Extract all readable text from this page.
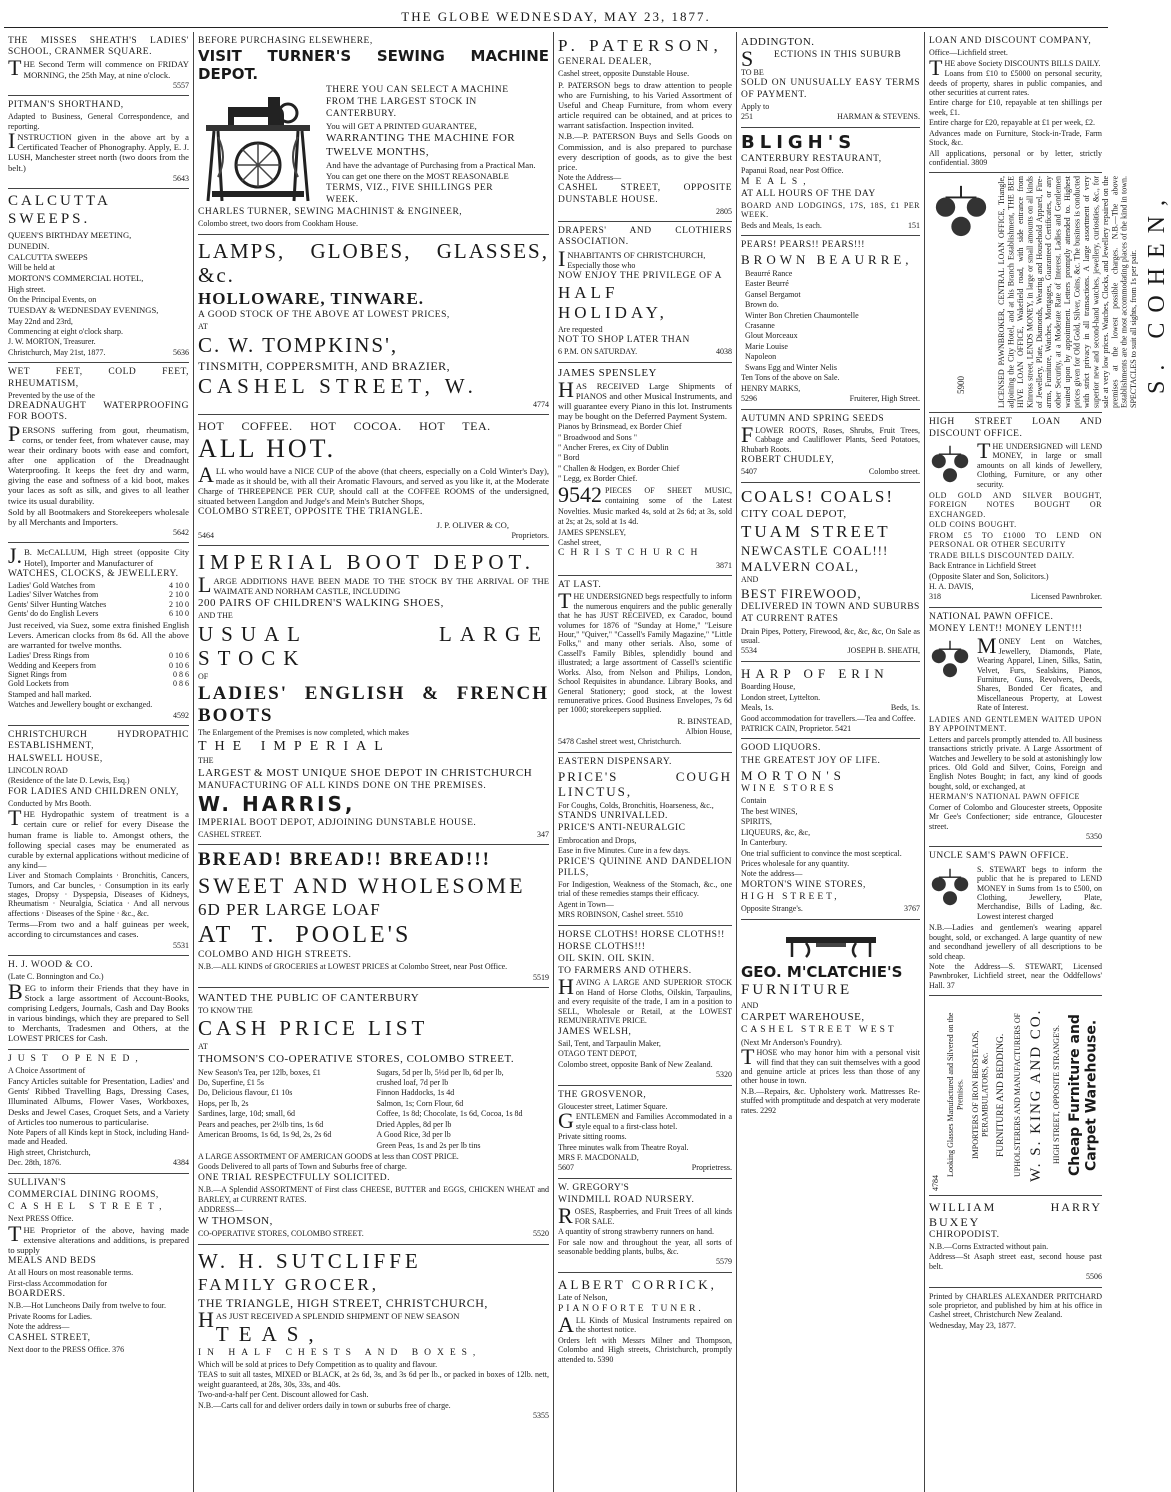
THE GLOBE WEDNESDAY, MAY 23, 1877.

THE MISSES SHEATH'S LADIES' SCHOOL, CRANMER SQUARE.

THE Second Term will commence on FRIDAY MORNING, the 25th May, at nine o'clock.

5557

PITMAN'S SHORTHAND,

Adapted to Business, General Correspondence, and reporting.

INSTRUCTION given in the above art by a Certificated Teacher of Phonography. Apply, E. J. LUSH, Manchester street north (two doors from the belt.)

5643

CALCUTTA SWEEPS.

QUEEN'S BIRTHDAY MEETING,

DUNEDIN.

CALCUTTA SWEEPS

Will be held at

MORTON'S COMMERCIAL HOTEL,

High street.

On the Principal Events, on

TUESDAY & WEDNESDAY EVENINGS,

May 22nd and 23rd,

Commencing at eight o'clock sharp.

J. W. MORTON, Treasurer.

Christchurch, May 21st, 1877.	5636

WET FEET, COLD FEET, RHEUMATISM,

Prevented by the use of the

DREADNAUGHT WATERPROOFING FOR BOOTS.

PERSONS suffering from gout, rheumatism, corns, or tender feet, from whatever cause, may wear their ordinary boots with ease and comfort, after one application of the Dreadnaught Waterproofing. It keeps the feet dry and warm, giving the ease and softness of a kid boot, makes your laces as soft as silk, and gives to all leather twice its usual durability.

Sold by all Bootmakers and Storekeepers wholesale by all Merchants and Importers.

5642

J. B. McCALLUM, High street (opposite City Hotel), Importer and Manufacturer of

WATCHES, CLOCKS, & JEWELLERY.

Ladies' Gold Watches from	4 10 0
Ladies' Silver Watches from	2 10 0
Gents' Silver Hunting Watches	2 10 0
Gents' do do English Levers	6 10 0

Just received, via Suez, some extra finished English Levers. American clocks from 8s 6d. All the above are warranted for twelve months.

Ladies' Dress Rings from	0 10 6
Wedding and Keepers from	0 10 6
Signet Rings from	0 8 6
Gold Lockets from	0 8 6

Stamped and hall marked.

Watches and Jewellery bought or exchanged.

4592

CHRISTCHURCH HYDROPATHIC ESTABLISHMENT,

HALSWELL HOUSE,

LINCOLN ROAD

(Residence of the late D. Lewis, Esq.)

FOR LADIES AND CHILDREN ONLY,

Conducted by Mrs Booth.

THE Hydropathic system of treatment is a certain cure or relief for every Disease the human frame is liable to. Amongst others, the following special cases may be enumerated as curable by external applications without medicine of any kind—

Liver and Stomach Complaints · Bronchitis, Cancers, Tumors, and Car buncles, · Consumption in its early stages, Dropsy · Dyspepsia, Diseases of Kidneys, Rheumatism · Neuralgia, Sciatica · And all nervous affections · Diseases of the Spine · &c., &c.

Terms—From two and a half guineas per week, according to circumstances and cases.

5531

H. J. WOOD & CO.

(Late C. Bonnington and Co.)

BEG to inform their Friends that they have in Stock a large assortment of Account-Books, comprising Ledgers, Journals, Cash and Day Books in various bindings, which they are prepared to Sell to Merchants, Tradesmen and Others, at the LOWEST PRICES for Cash.

JUST OPENED,

A Choice Assortment of

Fancy Articles suitable for Presentation, Ladies' and Gents' Ribbed Travelling Bags, Dressing Cases, Illuminated Albums, Flower Vases, Workboxes, Desks and Jewel Cases, Croquet Sets, and a Variety of Articles too numerous to particularise.

Note Papers of all Kinds kept in Stock, including Hand-made and Headed.

High street, Christchurch,

Dec. 28th, 1876.	4384

SULLIVAN'S

COMMERCIAL DINING ROOMS,

CASHEL STREET,

Next PRESS Office.

THE Proprietor of the above, having made extensive alterations and additions, is prepared to supply

MEALS AND BEDS

At all Hours on most reasonable terms.

First-class Accommodation for

BOARDERS.

N.B.—Hot Luncheons Daily from twelve to four.

Private Rooms for Ladies.

Note the address—

CASHEL STREET,

Next door to the PRESS Office. 376

BEFORE PURCHASING ELSEWHERE,

VISIT TURNER'S SEWING MACHINE DEPOT.

THERE YOU CAN SELECT A MACHINE

FROM THE LARGEST STOCK IN

CANTERBURY.

You will GET A PRINTED GUARANTEE,

WARRANTING THE MACHINE FOR

TWELVE MONTHS,

And have the advantage of Purchasing from a Practical Man.

You can get one there on the MOST REASONABLE

TERMS, VIZ., FIVE SHILLINGS PER

WEEK.

CHARLES TURNER, SEWING MACHINIST & ENGINEER,

Colombo street, two doors from Cookham House.

LAMPS, GLOBES, GLASSES, &c.

HOLLOWARE, TINWARE.

A GOOD STOCK OF THE ABOVE AT LOWEST PRICES,

AT

C. W. TOMPKINS',

TINSMITH, COPPERSMITH, AND BRAZIER,

CASHEL STREET, W.

4774

HOT COFFEE. HOT COCOA. HOT TEA.

ALL HOT.

ALL who would have a NICE CUP of the above (that cheers, especially on a Cold Winter's Day), made as it should be, with all their Aromatic Flavours, and served as you like it, at the Moderate Charge of THREEPENCE PER CUP, should call at the COFFEE ROOMS of the undersigned, situated between Langdon and Judge's and Mein's Butcher Shops,

COLOMBO STREET, OPPOSITE THE TRIANGLE.

J. P. OLIVER & CO,

5464	Proprietors.

IMPERIAL BOOT DEPOT.

LARGE ADDITIONS HAVE BEEN MADE TO THE STOCK BY THE ARRIVAL OF THE WAIMATE AND NORHAM CASTLE, INCLUDING

200 PAIRS OF CHILDREN'S WALKING SHOES,

AND THE

USUAL LARGE STOCK

OF

LADIES' ENGLISH & FRENCH BOOTS

The Enlargement of the Premises is now completed, which makes

THE IMPERIAL

THE

LARGEST & MOST UNIQUE SHOE DEPOT IN CHRISTCHURCH

MANUFACTURING OF ALL KINDS DONE ON THE PREMISES.

W. HARRIS,

IMPERIAL BOOT DEPOT, ADJOINING DUNSTABLE HOUSE.

CASHEL STREET.	347

BREAD! BREAD!! BREAD!!!

SWEET AND WHOLESOME

6D PER LARGE LOAF

AT T. POOLE'S

COLOMBO AND HIGH STREETS.

N.B.—ALL KINDS of GROCERIES at LOWEST PRICES at Colombo Street, near Post Office.

5519

WANTED THE PUBLIC OF CANTERBURY

TO KNOW THE

CASH PRICE LIST

AT

THOMSON'S CO-OPERATIVE STORES, COLOMBO STREET.

New Season's Tea, per 12lb, boxes, £1

Do, Superfine, £1 5s

Do, Delicious flavour, £1 10s

Hops, per lb, 2s

Sardines, large, 10d; small, 6d

Pears and peaches, per 2½lb tins, 1s 6d

American Brooms, 1s 6d, 1s 9d, 2s, 2s 6d

Sugars, 5d per lb, 5½d per lb, 6d per lb,

crushed loaf, 7d per lb

Finnon Haddocks, 1s 4d

Salmon, 1s; Corn Flour, 6d

Coffee, 1s 8d; Chocolate, 1s 6d, Cocoa, 1s 8d

Dried Apples, 8d per lb

A Good Rice, 3d per lb

Green Peas, 1s and 2s per lb tins

A LARGE ASSORTMENT OF AMERICAN GOODS at less than COST PRICE.

Goods Delivered to all parts of Town and Suburbs free of charge.

ONE TRIAL RESPECTFULLY SOLICITED.

N.B.—A Splendid ASSORTMENT of First class CHEESE, BUTTER and EGGS, CHICKEN WHEAT and BARLEY, at CURRENT RATES.

ADDRESS—

W THOMSON,

CO-OPERATIVE STORES, COLOMBO STREET.	5520

W. H. SUTCLIFFE

FAMILY GROCER,

THE TRIANGLE, HIGH STREET, CHRISTCHURCH,

HAS JUST RECEIVED A SPLENDID SHIPMENT OF NEW SEASON

TEAS,

IN HALF CHESTS AND BOXES,

Which will be sold at prices to Defy Competition as to quality and flavour.

TEAS to suit all tastes, MIXED or BLACK, at 2s 6d, 3s, and 3s 6d per lb., or packed in boxes of 12lb. nett, weight guaranteed, at 28s, 30s, 33s, and 40s.

Two-and-a-half per Cent. Discount allowed for Cash.

N.B.—Carts call for and deliver orders daily in town or suburbs free of charge.

5355

P. PATERSON,

GENERAL DEALER,

Cashel street, opposite Dunstable House.

P. PATERSON begs to draw attention to people who are Furnishing, to his Varied Assortment of Useful and Cheap Furniture, from whom every article required can be obtained, and at prices to warrant satisfaction. Inspection invited.

N.B.—P. PATERSON Buys and Sells Goods on Commission, and is also prepared to purchase every description of goods, as to give the best price.

Note the Address—

CASHEL STREET, OPPOSITE DUNSTABLE HOUSE.

2805

DRAPERS' AND CLOTHIERS ASSOCIATION.

INHABITANTS OF CHRISTCHURCH,

Especially those who

NOW ENJOY THE PRIVILEGE OF A

HALF HOLIDAY,

Are requested

NOT TO SHOP LATER THAN

6 P.M. ON SATURDAY.	4038

JAMES SPENSLEY

HAS RECEIVED Large Shipments of PIANOS and other Musical Instruments, and will guarantee every Piano in this lot. Instruments may be bought on the Deferred Payment System.

Pianos by Brinsmead, ex Border Chief

" Broadwood and Sons "

" Ancher Freres, ex City of Dublin

" Bord

" Challen & Hodgen, ex Border Chief

" Legg, ex Border Chief.

9542 PIECES OF SHEET MUSIC, containing some of the Latest Novelties. Music marked 4s, sold at 2s 6d; at 3s, sold at 2s; at 2s, sold at 1s 4d.

JAMES SPENSLEY,

Cashel street,

CHRISTCHURCH

3871

AT LAST.

THE UNDERSIGNED begs respectfully to inform the numerous enquirers and the public generally that he has JUST RECEIVED, ex Caradoc, bound volumes for 1876 of "Sunday at Home," "Leisure Hour," "Quiver," "Cassell's Family Magazine," "Little Folks," and many other serials. Also, some of Cassell's Family Bibles, splendidly bound and illustrated; a large assortment of Cassell's scientific Works. Also, from Nelson and Philips, London, School Requisites in abundance. Library Books, and General Stationery; good stock, at the lowest remunerative prices. Good Business Envelopes, 7s 6d per 1000; storekeepers supplied.

R. BINSTEAD,

Albion House,

5478 Cashel street west, Christchurch.

EASTERN DISPENSARY.

PRICE'S COUGH LINCTUS,

For Coughs, Colds, Bronchitis, Hoarseness, &c.,

STANDS UNRIVALLED.

PRICE'S ANTI-NEURALGIC

Embrocation and Drops,

Ease in five Minutes. Cure in a few days.

PRICE'S QUININE AND DANDELION PILLS,

For Indigestion, Weakness of the Stomach, &c., one trial of these remedies stamps their efficacy.

Agent in Town—

MRS ROBINSON, Cashel street. 5510

HORSE CLOTHS! HORSE CLOTHS!!

HORSE CLOTHS!!!

OIL SKIN. OIL SKIN.

TO FARMERS AND OTHERS.

HAVING A LARGE AND SUPERIOR STOCK on Hand of Horse Cloths, Oilskin, Tarpaulins, and every requisite of the trade, I am in a position to SELL, Wholesale or Retail, at the LOWEST REMUNERATIVE PRICE.

JAMES WELSH,

Sail, Tent, and Tarpaulin Maker,

OTAGO TENT DEPOT,

Colombo street, opposite Bank of New Zealand.

5320

THE GROSVENOR,

Gloucester street, Latimer Square.

GENTLEMEN and Families Accommodated in a style equal to a first-class hotel.

Private sitting rooms.

Three minutes walk from Theatre Royal.

MRS F. MACDONALD,

5607	Proprietress.

W. GREGORY'S

WINDMILL ROAD NURSERY.

ROSES, Raspberries, and Fruit Trees of all kinds FOR SALE.

A quantity of strong strawberry runners on hand.

For sale now and throughout the year, all sorts of seasonable bedding plants, bulbs, &c.

5579

ALBERT CORRICK,

Late of Nelson,

PIANOFORTE TUNER.

ALL Kinds of Musical Instruments repaired on the shortest notice.

Orders left with Messrs Milner and Thompson, Colombo and High streets, Christchurch, promptly attended to. 5390

ADDINGTON.

S	ECTIONS IN THIS SUBURB

TO BE

SOLD ON UNUSUALLY EASY TERMS OF PAYMENT.

Apply to

251	HARMAN & STEVENS.

BLIGH'S

CANTERBURY RESTAURANT,

Papanui Road, near Post Office.

MEALS,

AT ALL HOURS OF THE DAY

BOARD AND LODGINGS, 17S, 18S, £1 PER WEEK.

Beds and Meals, 1s each.	151

PEARS! PEARS!! PEARS!!!

BROWN BEAURRE,

Beaurré Rance

Easter Beurré

Gansel Bergamot

Brown do.

Winter Bon Chretien Chaumontelle

Crasanne

Glout Morceaux

Marie Louise

Napoleon

Swans Egg and Winter Nelis

Ten Tons of the above on Sale.

HENRY MARKS,

5296	Fruiterer, High Street.

AUTUMN AND SPRING SEEDS

FLOWER ROOTS, Roses, Shrubs, Fruit Trees, Cabbage and Cauliflower Plants, Seed Potatoes, Rhubarb Roots.

ROBERT CHUDLEY,

5407	Colombo street.

COALS! COALS!

CITY COAL DEPOT,

TUAM STREET

NEWCASTLE COAL!!!

MALVERN COAL,

AND

BEST FIREWOOD,

DELIVERED IN TOWN AND SUBURBS

AT CURRENT RATES

Drain Pipes, Pottery, Firewood, &c, &c, &c, On Sale as usual.

5534	JOSEPH B. SHEATH,

HARP OF ERIN

Boarding House,

London street, Lyttelton.

Meals, 1s.	Beds, 1s.

Good accommodation for travellers.—Tea and Coffee.

PATRICK CAIN, Proprietor. 5421

GOOD LIQUORS.

THE GREATEST JOY OF LIFE.

MORTON'S

WINE STORES

Contain

The best WINES,

SPIRITS,

LIQUEURS, &c, &c,

In Canterbury.

One trial sufficient to convince the most sceptical.

Prices wholesale for any quantity.

Note the address—

MORTON'S WINE STORES,

HIGH STREET,

Opposite Strange's.	3767

GEO. M'CLATCHIE'S

FURNITURE

AND

CARPET WAREHOUSE,

CASHEL STREET WEST

(Next Mr Anderson's Foundry).

THOSE who may honor him with a personal visit will find that they can suit themselves with a good and genuine article at prices less than those of any other house in town.

N.B.—Repairs, &c. Upholstery work. Mattresses Re-stuffed with promptitude and despatch at very moderate rates. 2292

LOAN AND DISCOUNT COMPANY,

Office—Lichfield street.

THE above Society DISCOUNTS BILLS DAILY.

Loans from £10 to £5000 on personal security, deeds of property, shares in public companies, and other securities at current rates.

Entire charge for £10, repayable at ten shillings per week, £1.

Entire charge for £20, repayable at £1 per week, £2.

Advances made on Furniture, Stock-in-Trade, Farm Stock, &c.

All applications, personal or by letter, strictly confidential. 3809

5900	LICENSED PAWNBROKER, CENTRAL LOAN OFFICE, Triangle, adjoining the City Hotel, and at his Branch Establishment, THE BEE HIVE LOAN OFFICE, Wakefield road, with side entrance from Kinross street, LENDS MONEY, in large or small amounts on all kinds of Jewellery, Plate, Diamonds, Wearing and Household Apparel, Fire-arms, Furniture, Watches, Mortgages, Guaranteed Certificates, or any other Security, at a Moderate Rate of Interest. Ladies and Gentlemen waited upon by appointment. Letters promptly attended to. Highest prices given for Old Gold, Silver, Coins, &c. The business is conducted with strict privacy in all transactions. A large assortment of very superior new and second-hand watches, jewellery, curiosities, &c., for sale at very low prices. Watches, Clocks, and Jewellery repaired on the premises at the lowest possible charges. N.B.—The above Establishments are the most accommodating places of the kind in town. SPECTACLES to suit all sights, from 1s per pair. S. COHEN,

HIGH STREET LOAN AND DISCOUNT OFFICE.

THE UNDERSIGNED will LEND MONEY, in large or small amounts on all kinds of Jewellery, Clothing, Furniture, or any other security.

OLD GOLD AND SILVER BOUGHT, FOREIGN NOTES BOUGHT OR EXCHANGED.

OLD COINS BOUGHT.

FROM £5 TO £1000 TO LEND ON PERSONAL OR OTHER SECURITY

TRADE BILLS DISCOUNTED DAILY.

Back Entrance in Lichfield Street

(Opposite Slater and Son, Solicitors.)

H. A. DAVIS,

318	Licensed Pawnbroker.

NATIONAL PAWN OFFICE.

MONEY LENT!! MONEY LENT!!!

MONEY Lent on Watches, Jewellery, Diamonds, Plate, Wearing Apparel, Linen, Silks, Satin, Velvet, Furs, Sealskins, Pianos, Furniture, Guns, Revolvers, Deeds, Shares, Bonded Cer ficates, and Miscellaneous Property, at Lowest Rate of Interest.

LADIES AND GENTLEMEN WAITED UPON BY APPOINTMENT.

Letters and parcels promptly attended to. All business transactions strictly private. A Large Assortment of Watches and Jewellery to be sold at astonishingly low prices. Old Gold and Silver, Coins, Foreign and English Notes Bought; in fact, any kind of goods bought, sold, or exchanged, at

HERMAN'S NATIONAL PAWN OFFICE

Corner of Colombo and Gloucester streets, Opposite Mr Gee's Confectioner; side entrance, Gloucester street.

5350

UNCLE SAM'S PAWN OFFICE.

S. STEWART begs to inform the public that he is prepared to LEND MONEY in Sums from 1s to £500, on Clothing, Jewellery, Plate, Merchandise, Bills of Lading, &c. Lowest interest charged

N.B.—Ladies and gentlemen's wearing apparel bought, sold, or exchanged. A large quantity of new and secondhand jewellery of all descriptions to be sold cheap.

Note the Address—S. STEWART, Licensed Pawnbroker, Lichfield street, near the Oddfellows' Hall. 37

4784
Looking Glasses Manufactured and Silvered on the Premises. IMPORTERS OF IRON BEDSTEADS, PERAMBULATORS, &c. FURNITURE AND BEDDING. UPHOLSTERERS AND MANUFACTURERS OF W. S. KING AND CO. HIGH STREET, OPPOSITE STRANGE'S. Cheap Furniture and Carpet Warehouse.

WILLIAM HARRY BUXEY

CHIROPODIST.

N.B.—Corns Extracted without pain.

Address—St Asaph street east, second house past belt.

5506

Printed by CHARLES ALEXANDER PRITCHARD sole proprietor, and published by him at his office in Cashel street, Christchurch New Zealand.

Wednesday, May 23, 1877.
